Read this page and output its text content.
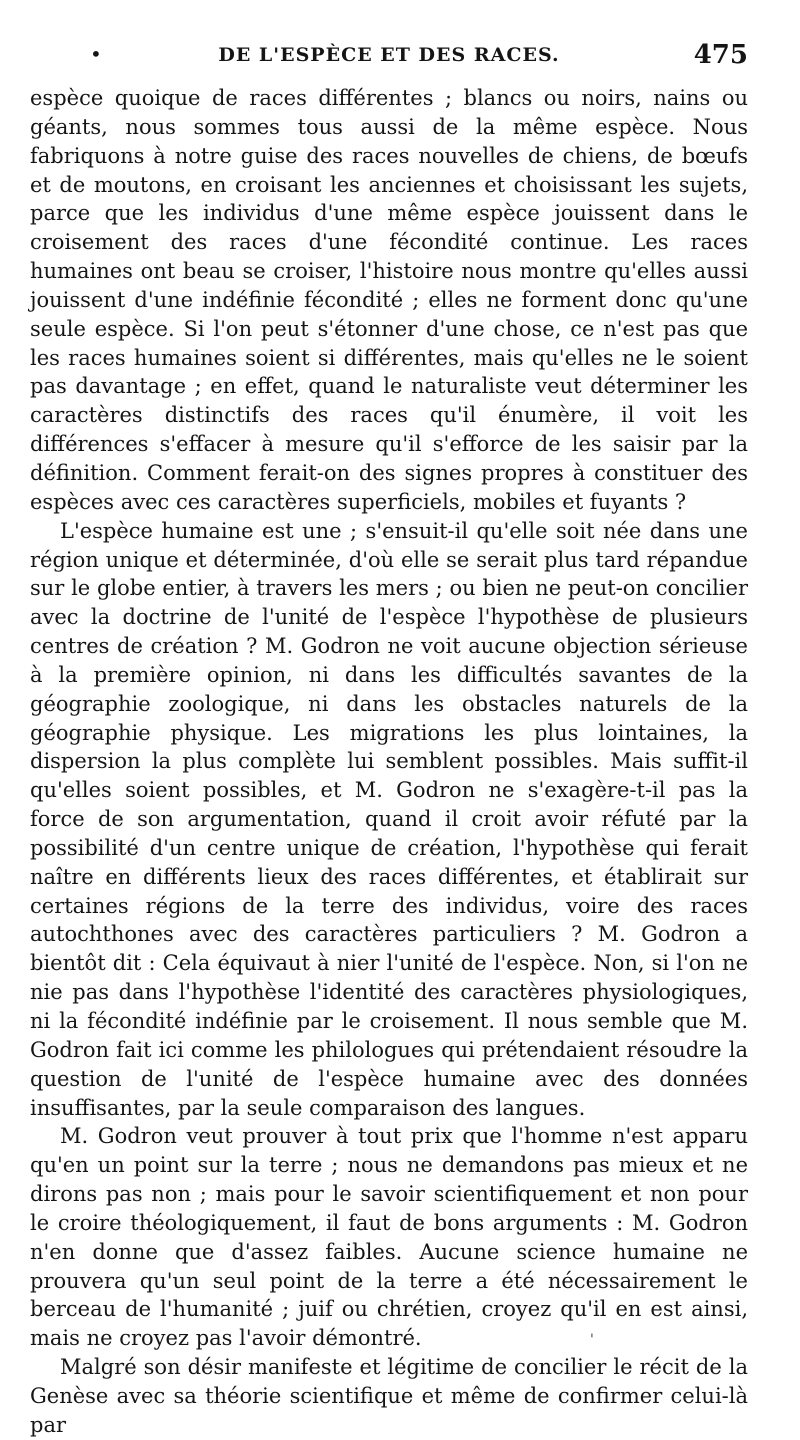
•	DE L'ESPÈCE ET DES RACES.	475

espèce quoique de races différentes ; blancs ou noirs, nains ou géants, nous sommes tous aussi de la même espèce. Nous fabriquons à notre guise des races nouvelles de chiens, de bœufs et de moutons, en croisant les anciennes et choisissant les sujets, parce que les individus d'une même espèce jouissent dans le croisement des races d'une fécondité continue. Les races humaines ont beau se croiser, l'histoire nous montre qu'elles aussi jouissent d'une indéfinie fécondité ; elles ne forment donc qu'une seule espèce. Si l'on peut s'étonner d'une chose, ce n'est pas que les races humaines soient si différentes, mais qu'elles ne le soient pas davantage ; en effet, quand le naturaliste veut déterminer les caractères distinctifs des races qu'il énumère, il voit les différences s'effacer à mesure qu'il s'efforce de les saisir par la définition. Comment ferait-on des signes propres à constituer des espèces avec ces caractères superficiels, mobiles et fuyants ?

L'espèce humaine est une ; s'ensuit-il qu'elle soit née dans une région unique et déterminée, d'où elle se serait plus tard répandue sur le globe entier, à travers les mers ; ou bien ne peut-on concilier avec la doctrine de l'unité de l'espèce l'hypothèse de plusieurs centres de création ? M. Godron ne voit aucune objection sérieuse à la première opinion, ni dans les difficultés savantes de la géographie zoologique, ni dans les obstacles naturels de la géographie physique. Les migrations les plus lointaines, la dispersion la plus complète lui semblent possibles. Mais suffit-il qu'elles soient possibles, et M. Godron ne s'exagère-t-il pas la force de son argumentation, quand il croit avoir réfuté par la possibilité d'un centre unique de création, l'hypothèse qui ferait naître en différents lieux des races différentes, et établirait sur certaines régions de la terre des individus, voire des races autochthones avec des caractères particuliers ? M. Godron a bientôt dit : Cela équivaut à nier l'unité de l'espèce. Non, si l'on ne nie pas dans l'hypothèse l'identité des caractères physiologiques, ni la fécondité indéfinie par le croisement. Il nous semble que M. Godron fait ici comme les philologues qui prétendaient résoudre la question de l'unité de l'espèce humaine avec des données insuffisantes, par la seule comparaison des langues.

M. Godron veut prouver à tout prix que l'homme n'est apparu qu'en un point sur la terre ; nous ne demandons pas mieux et ne dirons pas non ; mais pour le savoir scientifiquement et non pour le croire théologiquement, il faut de bons arguments : M. Godron n'en donne que d'assez faibles. Aucune science humaine ne prouvera qu'un seul point de la terre a été nécessairement le berceau de l'humanité ; juif ou chrétien, croyez qu'il en est ainsi, mais ne croyez pas l'avoir démontré.

Malgré son désir manifeste et légitime de concilier le récit de la Genèse avec sa théorie scientifique et même de confirmer celui-là par

'
